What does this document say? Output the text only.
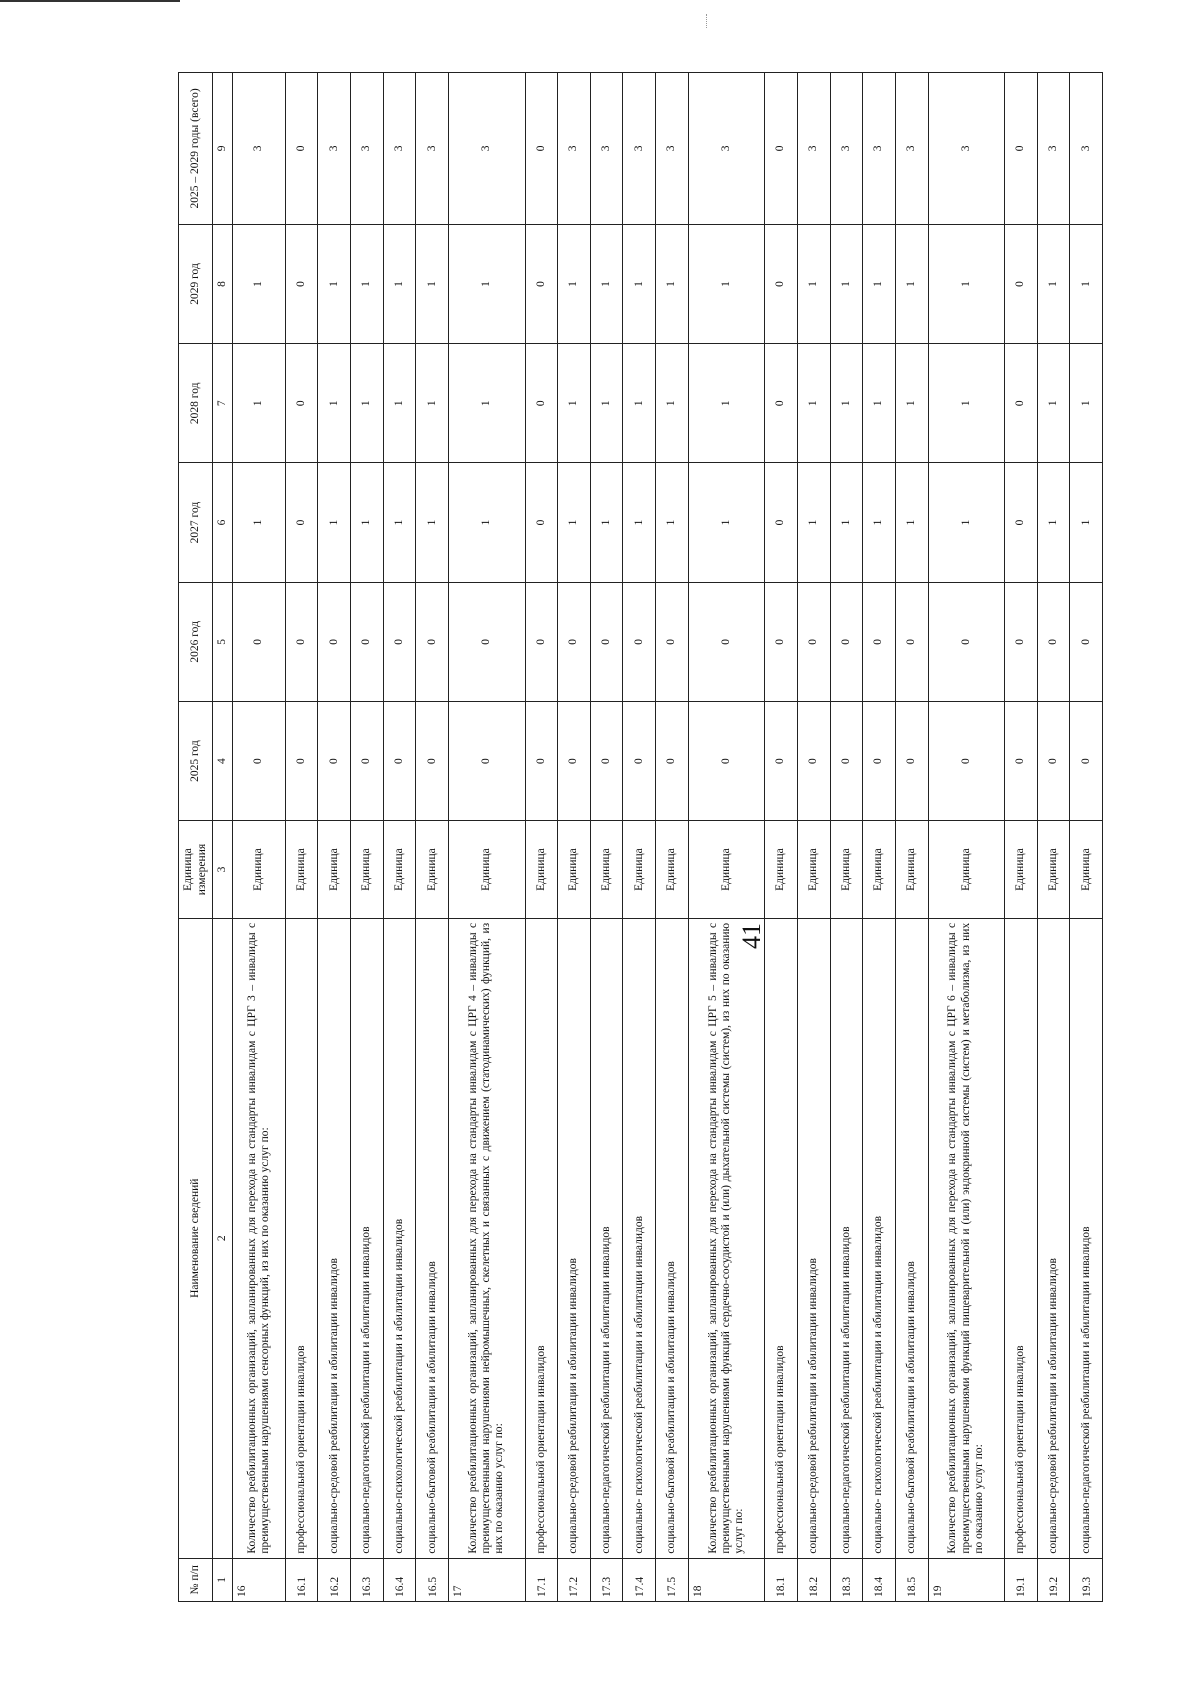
41
№ п/п	Наименование сведений	Единица измерения	2025 год	2026 год	2027 год	2028 год	2029 год	2025 – 2029 годы (всего)
1	2	3	4	5	6	7	8	9
16	Количество реабилитационных организаций, запланированных для перехода на стандарты инвалидам с ЦРГ 3 – инвалиды с преимущественными нарушениями сенсорных функций, из них по оказанию услуг по:	Единица	0	0	1	1	1	3
16.1	профессиональной ориентации инвалидов	Единица	0	0	0	0	0	0
16.2	социально-средовой реабилитации и абилитации инвалидов	Единица	0	0	1	1	1	3
16.3	социально-педагогической реабилитации и абилитации инвалидов	Единица	0	0	1	1	1	3
16.4	социально-психологической реабилитации и абилитации инвалидов	Единица	0	0	1	1	1	3
16.5	социально-бытовой реабилитации и абилитации инвалидов	Единица	0	0	1	1	1	3
17	Количество реабилитационных организаций, запланированных для перехода на стандарты инвалидам с ЦРГ 4 – инвалиды с преимущественными нарушениями нейромышечных, скелетных и связанных с движением (статодинамических) функций, из них по оказанию услуг по:	Единица	0	0	1	1	1	3
17.1	профессиональной ориентации инвалидов	Единица	0	0	0	0	0	0
17.2	социально-средовой реабилитации и абилитации инвалидов	Единица	0	0	1	1	1	3
17.3	социально-педагогической реабилитации и абилитации инвалидов	Единица	0	0	1	1	1	3
17.4	социально- психологической реабилитации и абилитации инвалидов	Единица	0	0	1	1	1	3
17.5	социально-бытовой реабилитации и абилитации инвалидов	Единица	0	0	1	1	1	3
18	Количество реабилитационных организаций, запланированных для перехода на стандарты инвалидам с ЦРГ 5 – инвалиды с преимущественными нарушениями функций сердечно-сосудистой и (или) дыхательной системы (систем), из них по оказанию услуг по:	Единица	0	0	1	1	1	3
18.1	профессиональной ориентации инвалидов	Единица	0	0	0	0	0	0
18.2	социально-средовой реабилитации и абилитации инвалидов	Единица	0	0	1	1	1	3
18.3	социально-педагогической реабилитации и абилитации инвалидов	Единица	0	0	1	1	1	3
18.4	социально- психологической реабилитации и абилитации инвалидов	Единица	0	0	1	1	1	3
18.5	социально-бытовой реабилитации и абилитации инвалидов	Единица	0	0	1	1	1	3
19	Количество реабилитационных организаций, запланированных для перехода на стандарты инвалидам с ЦРГ 6 – инвалиды с преимущественными нарушениями функций пищеварительной и (или) эндокринной системы (систем) и метаболизма, из них по оказанию услуг по:	Единица	0	0	1	1	1	3
19.1	профессиональной ориентации инвалидов	Единица	0	0	0	0	0	0
19.2	социально-средовой реабилитации и абилитации инвалидов	Единица	0	0	1	1	1	3
19.3	социально-педагогической реабилитации и абилитации инвалидов	Единица	0	0	1	1	1	3
